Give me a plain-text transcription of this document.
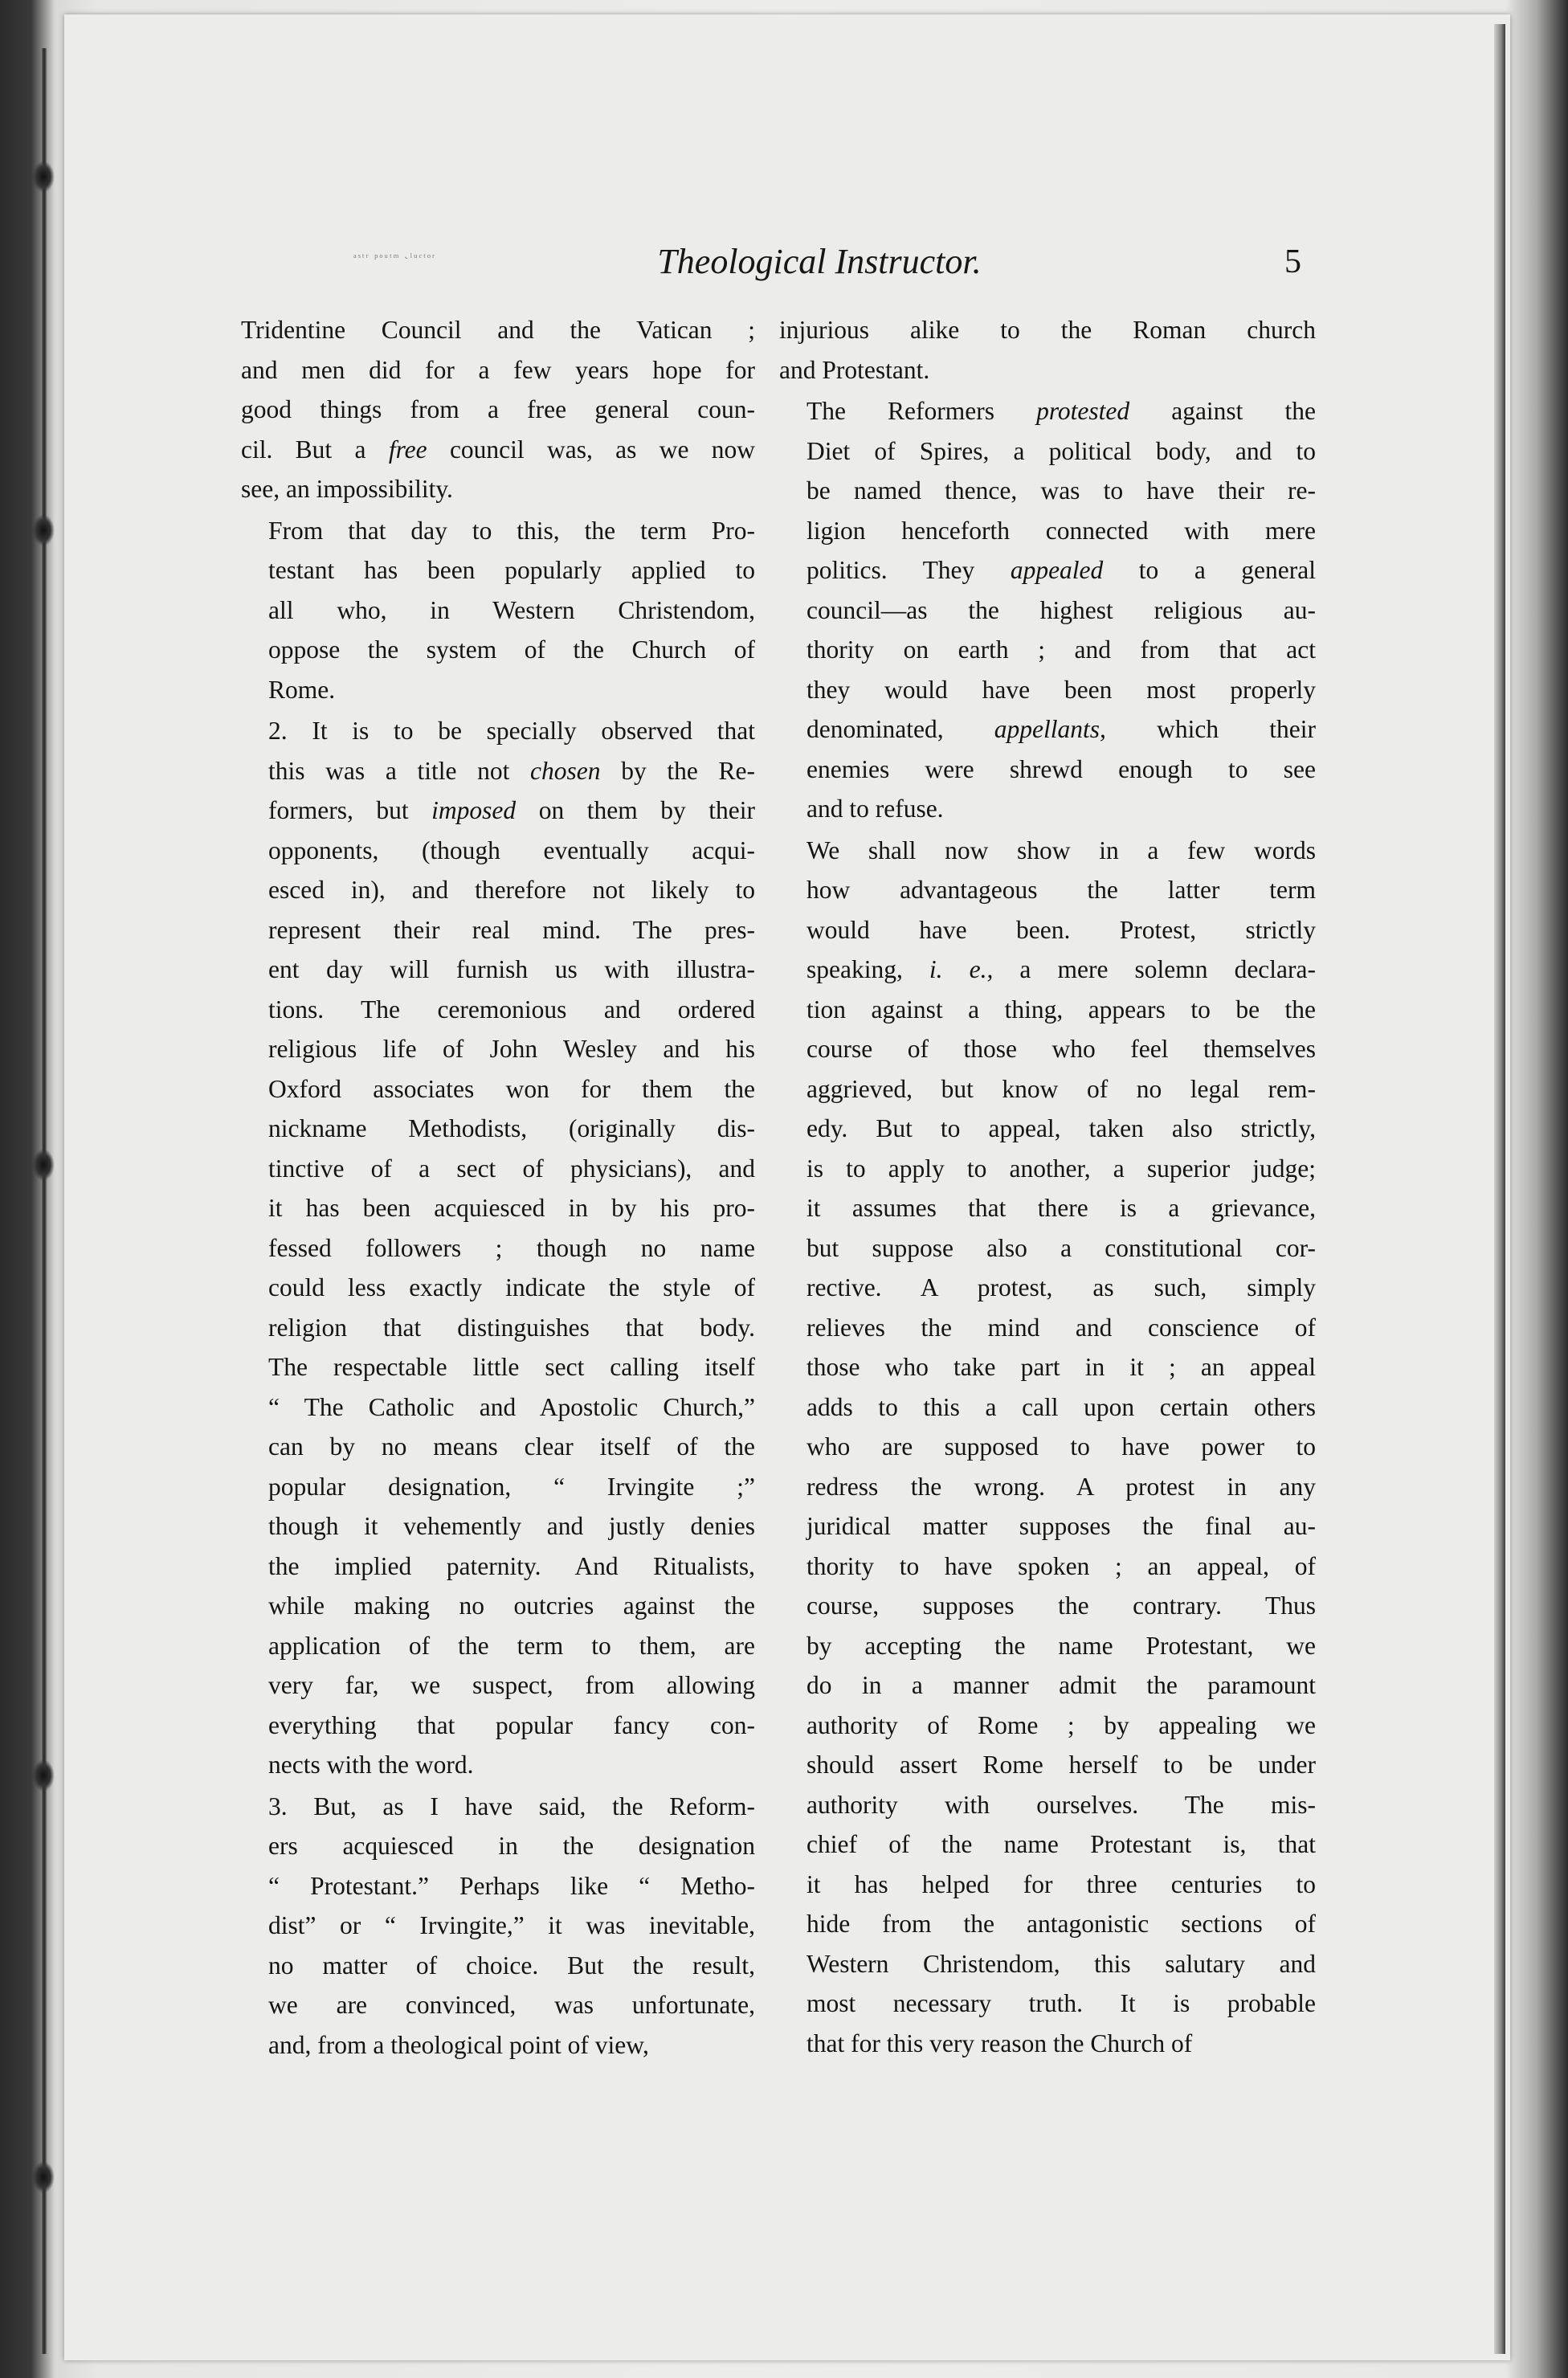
ᵃˢᵗʳ ᵖᵒᵘᵗᵐ ˞ˡᵘᶜᵗᵒʳ	Theological Instructor.	5

Tridentine Council and the Vatican ;
and men did for a few years hope for
good things from a free general coun-
cil. But a free council was, as we now
see, an impossibility.

From that day to this, the term Pro-
testant has been popularly applied to
all who, in Western Christendom,
oppose the system of the Church of
Rome.

2. It is to be specially observed that
this was a title not chosen by the Re-
formers, but imposed on them by their
opponents, (though eventually acqui-
esced in), and therefore not likely to
represent their real mind. The pres-
ent day will furnish us with illustra-
tions. The ceremonious and ordered
religious life of John Wesley and his
Oxford associates won for them the
nickname Methodists, (originally dis-
tinctive of a sect of physicians), and
it has been acquiesced in by his pro-
fessed followers ; though no name
could less exactly indicate the style of
religion that distinguishes that body.
The respectable little sect calling itself
“ The Catholic and Apostolic Church,”
can by no means clear itself of the
popular designation, “ Irvingite ;”
though it vehemently and justly denies
the implied paternity. And Ritualists,
while making no outcries against the
application of the term to them, are
very far, we suspect, from allowing
everything that popular fancy con-
nects with the word.

3. But, as I have said, the Reform-
ers acquiesced in the designation
“ Protestant.” Perhaps like “ Metho-
dist” or “ Irvingite,” it was inevitable,
no matter of choice. But the result,
we are convinced, was unfortunate,
and, from a theological point of view,

injurious alike to the Roman church
and Protestant.

The Reformers protested against the
Diet of Spires, a political body, and to
be named thence, was to have their re-
ligion henceforth connected with mere
politics. They appealed to a general
council—as the highest religious au-
thority on earth ; and from that act
they would have been most properly
denominated, appellants, which their
enemies were shrewd enough to see
and to refuse.

We shall now show in a few words
how advantageous the latter term
would have been. Protest, strictly
speaking, i. e., a mere solemn declara-
tion against a thing, appears to be the
course of those who feel themselves
aggrieved, but know of no legal rem-
edy. But to appeal, taken also strictly,
is to apply to another, a superior judge;
it assumes that there is a grievance,
but suppose also a constitutional cor-
rective. A protest, as such, simply
relieves the mind and conscience of
those who take part in it ; an appeal
adds to this a call upon certain others
who are supposed to have power to
redress the wrong. A protest in any
juridical matter supposes the final au-
thority to have spoken ; an appeal, of
course, supposes the contrary. Thus
by accepting the name Protestant, we
do in a manner admit the paramount
authority of Rome ; by appealing we
should assert Rome herself to be under
authority with ourselves. The mis-
chief of the name Protestant is, that
it has helped for three centuries to
hide from the antagonistic sections of
Western Christendom, this salutary and
most necessary truth. It is probable
that for this very reason the Church of
